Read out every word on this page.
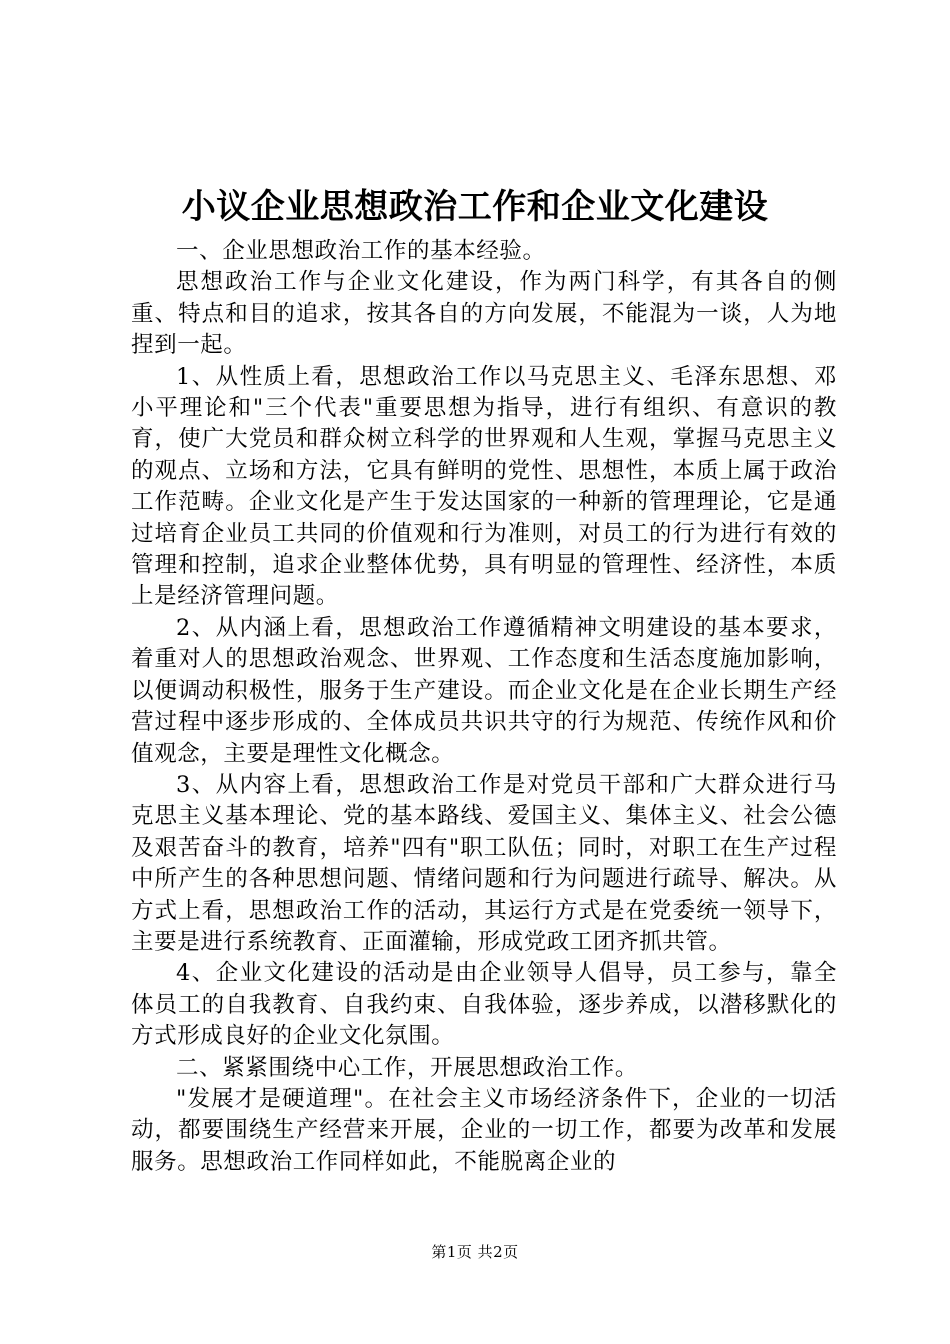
小议企业思想政治工作和企业文化建设

一、企业思想政治工作的基本经验。

思想政治工作与企业文化建设，作为两门科学，有其各自的侧重、特点和目的追求，按其各自的方向发展，不能混为一谈，人为地捏到一起。

1、从性质上看，思想政治工作以马克思主义、毛泽东思想、邓小平理论和"三个代表"重要思想为指导，进行有组织、有意识的教育，使广大党员和群众树立科学的世界观和人生观，掌握马克思主义的观点、立场和方法，它具有鲜明的党性、思想性，本质上属于政治工作范畴。企业文化是产生于发达国家的一种新的管理理论，它是通过培育企业员工共同的价值观和行为准则，对员工的行为进行有效的管理和控制，追求企业整体优势，具有明显的管理性、经济性，本质上是经济管理问题。

2、从内涵上看，思想政治工作遵循精神文明建设的基本要求，着重对人的思想政治观念、世界观、工作态度和生活态度施加影响，以便调动积极性，服务于生产建设。而企业文化是在企业长期生产经营过程中逐步形成的、全体成员共识共守的行为规范、传统作风和价值观念，主要是理性文化概念。

3、从内容上看，思想政治工作是对党员干部和广大群众进行马克思主义基本理论、党的基本路线、爱国主义、集体主义、社会公德及艰苦奋斗的教育，培养"四有"职工队伍；同时，对职工在生产过程中所产生的各种思想问题、情绪问题和行为问题进行疏导、解决。从方式上看，思想政治工作的活动，其运行方式是在党委统一领导下，主要是进行系统教育、正面灌输，形成党政工团齐抓共管。

4、企业文化建设的活动是由企业领导人倡导，员工参与，靠全体员工的自我教育、自我约束、自我体验，逐步养成，以潜移默化的方式形成良好的企业文化氛围。

二、紧紧围绕中心工作，开展思想政治工作。

"发展才是硬道理"。在社会主义市场经济条件下，企业的一切活动，都要围绕生产经营来开展，企业的一切工作，都要为改革和发展服务。思想政治工作同样如此，不能脱离企业的

第1页 共2页
